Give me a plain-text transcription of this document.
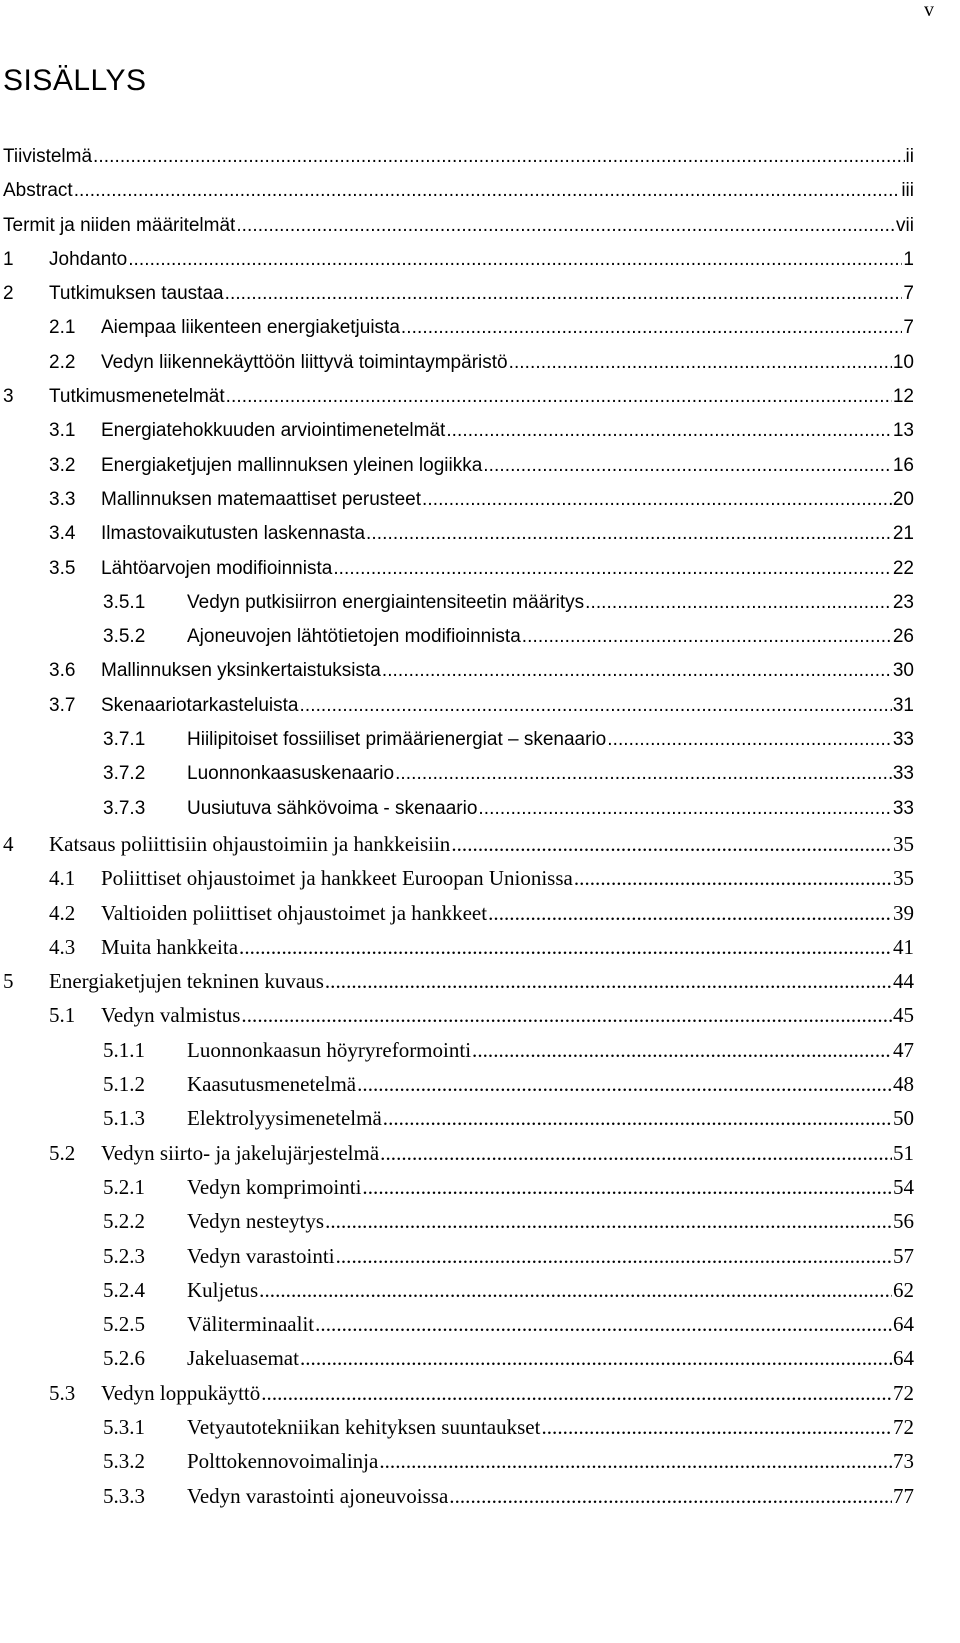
v
SISÄLLYS
Tiivistelmä . . .	ii
Abstract . . .	iii
Termit ja niiden määritelmät . . .	vii
1	Johdanto . . .	1
2	Tutkimuksen taustaa . . .	7
2.1	Aiempaa liikenteen energiaketjuista . . .	7
2.2	Vedyn liikennekäyttöön liittyvä toimintaympäristö . . .	10
3	Tutkimusmenetelmät . . .	12
3.1	Energiatehokkuuden arviointimenetelmät . . .	13
3.2	Energiaketjujen mallinnuksen yleinen logiikka . . .	16
3.3	Mallinnuksen matemaattiset perusteet . . .	20
3.4	Ilmastovaikutusten laskennasta . . .	21
3.5	Lähtöarvojen modifioinnista . . .	22
3.5.1	Vedyn putkisiirron energiaintensiteetin määritys . . .	23
3.5.2	Ajoneuvojen lähtötietojen modifioinnista . . .	26
3.6	Mallinnuksen yksinkertaistuksista . . .	30
3.7	Skenaariotarkasteluista . . .	31
3.7.1	Hiilipitoiset fossiiliset primäärienergiat – skenaario . . .	33
3.7.2	Luonnonkaasuskenaario . . .	33
3.7.3	Uusiutuva sähkövoima - skenaario . . .	33
4	Katsaus poliittisiin ohjaustoimiin ja hankkeisiin . . .	35
4.1	Poliittiset ohjaustoimet ja hankkeet Euroopan Unionissa . . .	35
4.2	Valtioiden poliittiset ohjaustoimet ja hankkeet . . .	39
4.3	Muita hankkeita . . .	41
5	Energiaketjujen tekninen kuvaus . . .	44
5.1	Vedyn valmistus . . .	45
5.1.1	Luonnonkaasun höyryreformointi . . .	47
5.1.2	Kaasutusmenetelmä . . .	48
5.1.3	Elektrolyysimenetelmä . . .	50
5.2	Vedyn siirto- ja jakelujärjestelmä . . .	51
5.2.1	Vedyn komprimointi . . .	54
5.2.2	Vedyn nesteytys . . .	56
5.2.3	Vedyn varastointi . . .	57
5.2.4	Kuljetus . . .	62
5.2.5	Väliterminaalit . . .	64
5.2.6	Jakeluasemat . . .	64
5.3	Vedyn loppukäyttö . . .	72
5.3.1	Vetyautotekniikan kehityksen suuntaukset . . .	72
5.3.2	Polttokennovoimalinja . . .	73
5.3.3	Vedyn varastointi ajoneuvoissa . . .	77
